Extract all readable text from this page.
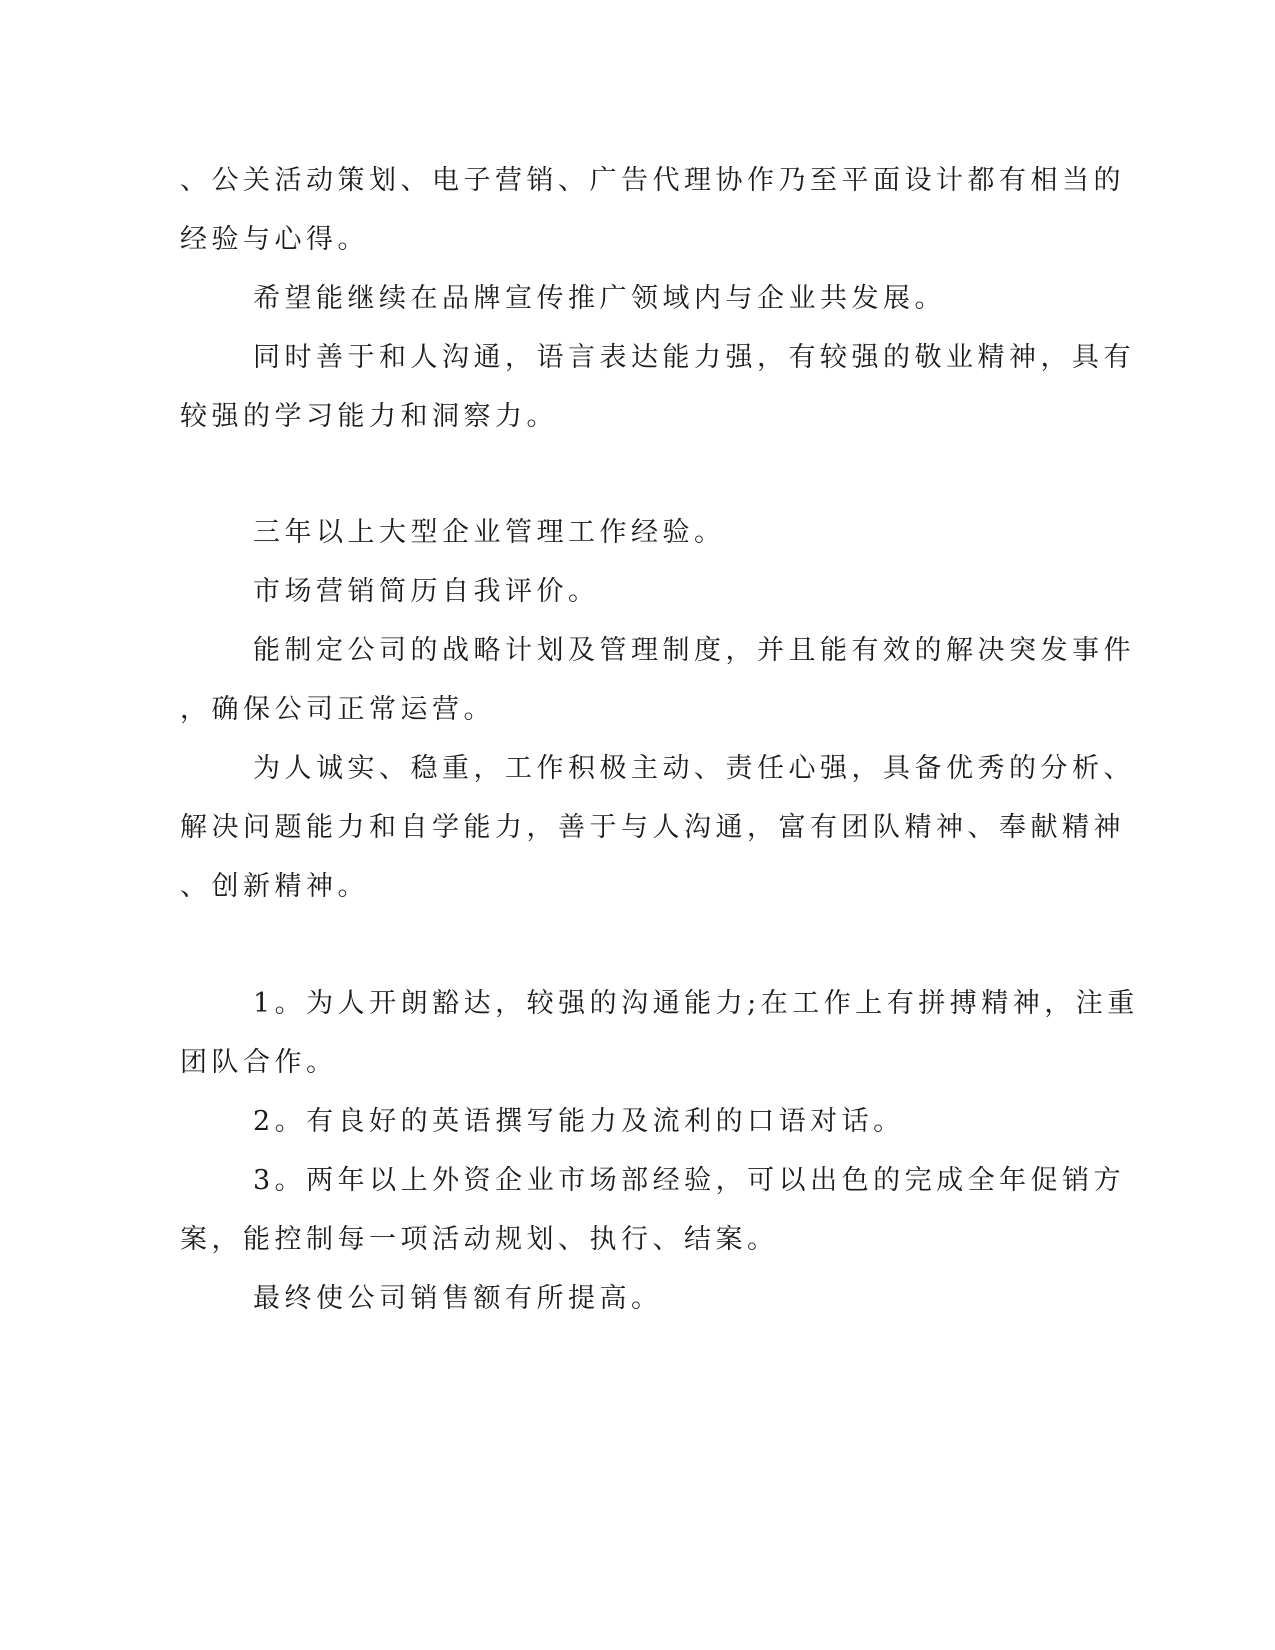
、公关活动策划、电子营销、广告代理协作乃至平面设计都有相当的
经验与心得。
希望能继续在品牌宣传推广领域内与企业共发展。
同时善于和人沟通，语言表达能力强，有较强的敬业精神，具有
较强的学习能力和洞察力。
三年以上大型企业管理工作经验。
市场营销简历自我评价。
能制定公司的战略计划及管理制度，并且能有效的解决突发事件
，确保公司正常运营。
为人诚实、稳重，工作积极主动、责任心强，具备优秀的分析、
解决问题能力和自学能力，善于与人沟通，富有团队精神、奉献精神
、创新精神。
1。为人开朗豁达，较强的沟通能力;在工作上有拼搏精神，注重
团队合作。
2。有良好的英语撰写能力及流利的口语对话。
3。两年以上外资企业市场部经验，可以出色的完成全年促销方
案，能控制每一项活动规划、执行、结案。
最终使公司销售额有所提高。
